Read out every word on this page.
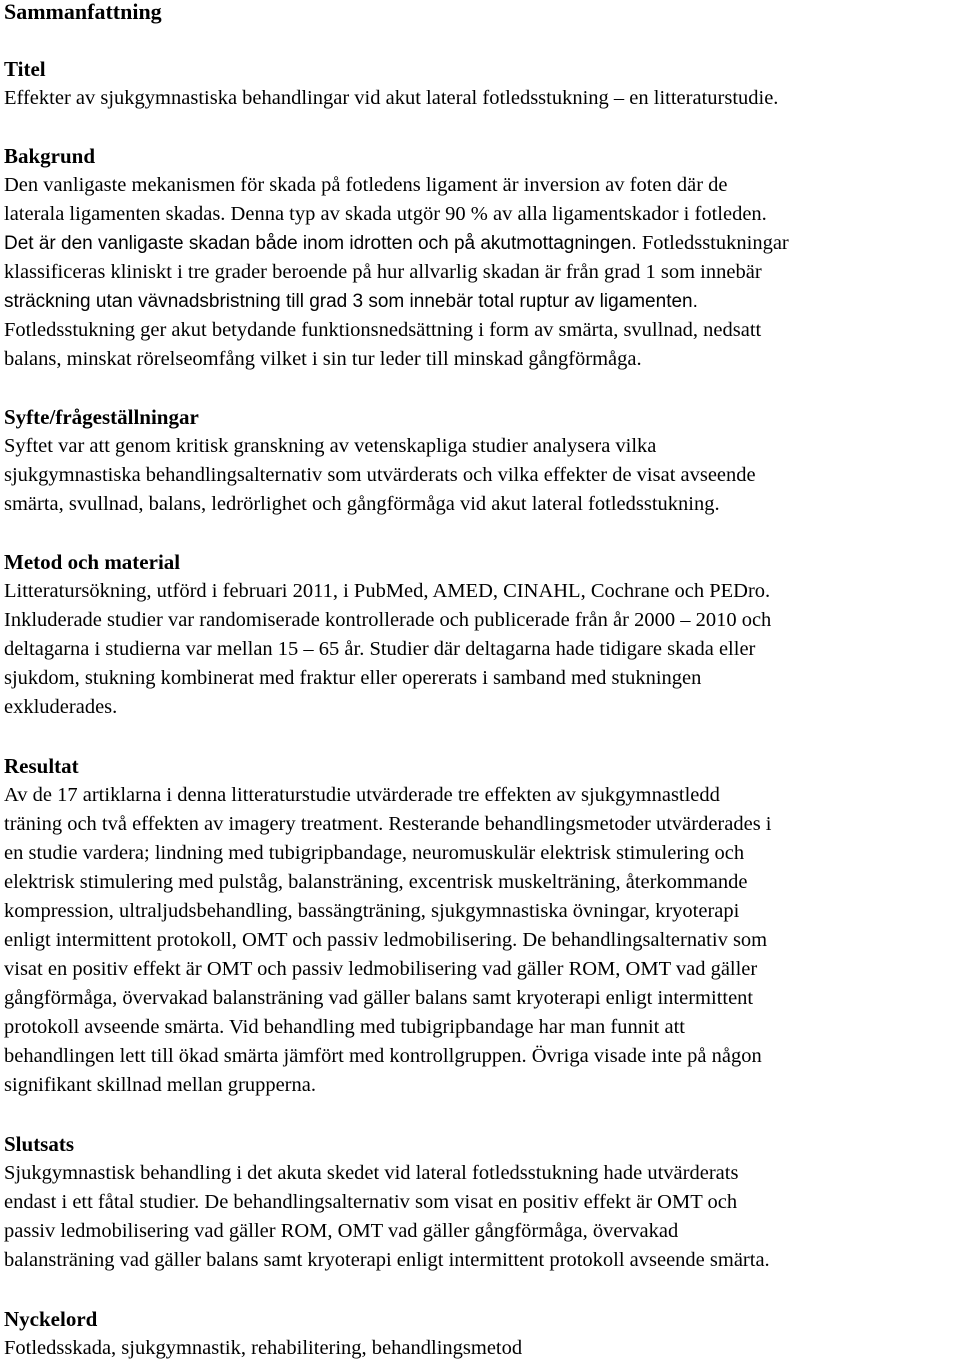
Sammanfattning
Titel
Effekter av sjukgymnastiska behandlingar vid akut lateral fotledsstukning – en litteraturstudie.
Bakgrund
Den vanligaste mekanismen för skada på fotledens ligament är inversion av foten där de
laterala ligamenten skadas. Denna typ av skada utgör 90 % av alla ligamentskador i fotleden.
Det är den vanligaste skadan både inom idrotten och på akutmottagningen. Fotledsstukningar
klassificeras kliniskt i tre grader beroende på hur allvarlig skadan är från grad 1 som innebär
sträckning utan vävnadsbristning till grad 3 som innebär total ruptur av ligamenten.
Fotledsstukning ger akut betydande funktionsnedsättning i form av smärta, svullnad, nedsatt
balans, minskat rörelseomfång vilket i sin tur leder till minskad gångförmåga.
Syfte/frågeställningar
Syftet var att genom kritisk granskning av vetenskapliga studier analysera vilka
sjukgymnastiska behandlingsalternativ som utvärderats och vilka effekter de visat avseende
smärta, svullnad, balans, ledrörlighet och gångförmåga vid akut lateral fotledsstukning.
Metod och material
Litteratursökning, utförd i februari 2011, i PubMed, AMED, CINAHL, Cochrane och PEDro.
Inkluderade studier var randomiserade kontrollerade och publicerade från år 2000 – 2010 och
deltagarna i studierna var mellan 15 – 65 år. Studier där deltagarna hade tidigare skada eller
sjukdom, stukning kombinerat med fraktur eller opererats i samband med stukningen
exkluderades.
Resultat
Av de 17 artiklarna i denna litteraturstudie utvärderade tre effekten av sjukgymnastledd
träning och två effekten av imagery treatment. Resterande behandlingsmetoder utvärderades i
en studie vardera; lindning med tubigripbandage, neuromuskulär elektrisk stimulering och
elektrisk stimulering med pulståg, balansträning, excentrisk muskelträning, återkommande
kompression, ultraljudsbehandling, bassängträning, sjukgymnastiska övningar, kryoterapi
enligt intermittent protokoll, OMT och passiv ledmobilisering. De behandlingsalternativ som
visat en positiv effekt är OMT och passiv ledmobilisering vad gäller ROM, OMT vad gäller
gångförmåga, övervakad balansträning vad gäller balans samt kryoterapi enligt intermittent
protokoll avseende smärta. Vid behandling med tubigripbandage har man funnit att
behandlingen lett till ökad smärta jämfört med kontrollgruppen. Övriga visade inte på någon
signifikant skillnad mellan grupperna.
Slutsats
Sjukgymnastisk behandling i det akuta skedet vid lateral fotledsstukning hade utvärderats
endast i ett fåtal studier. De behandlingsalternativ som visat en positiv effekt är OMT och
passiv ledmobilisering vad gäller ROM, OMT vad gäller gångförmåga, övervakad
balansträning vad gäller balans samt kryoterapi enligt intermittent protokoll avseende smärta.
Nyckelord
Fotledsskada, sjukgymnastik, rehabilitering, behandlingsmetod
